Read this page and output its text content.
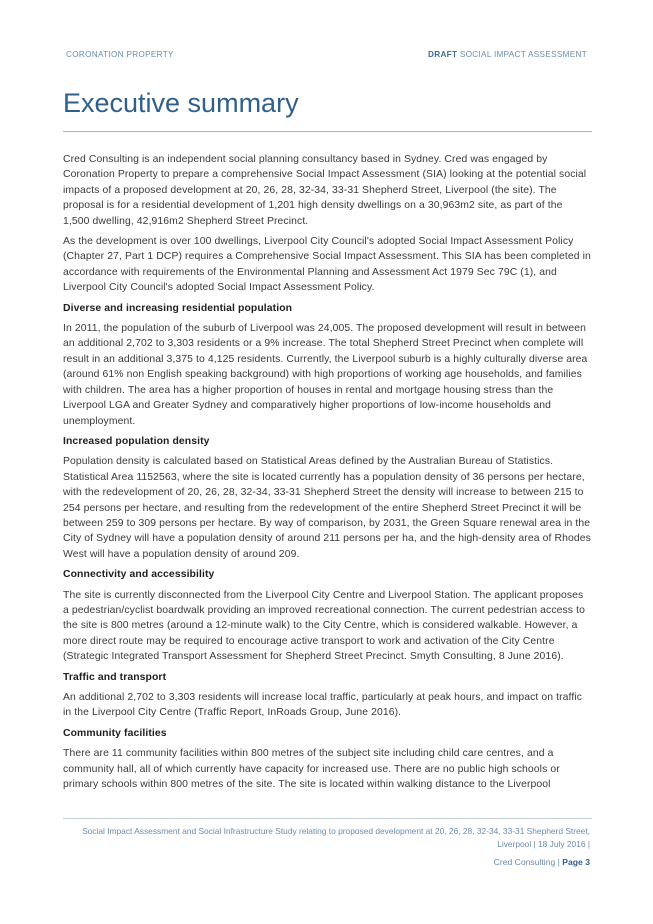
CORONATION PROPERTY	DRAFT SOCIAL IMPACT ASSESSMENT
Executive summary

Cred Consulting is an independent social planning consultancy based in Sydney. Cred was engaged by Coronation Property to prepare a comprehensive Social Impact Assessment (SIA) looking at the potential social impacts of a proposed development at 20, 26, 28, 32-34, 33-31 Shepherd Street, Liverpool (the site). The proposal is for a residential development of 1,201 high density dwellings on a 30,963m2 site, as part of the 1,500 dwelling, 42,916m2 Shepherd Street Precinct.

As the development is over 100 dwellings, Liverpool City Council's adopted Social Impact Assessment Policy (Chapter 27, Part 1 DCP) requires a Comprehensive Social Impact Assessment. This SIA has been completed in accordance with requirements of the Environmental Planning and Assessment Act 1979 Sec 79C (1), and Liverpool City Council's adopted Social Impact Assessment Policy.

Diverse and increasing residential population

In 2011, the population of the suburb of Liverpool was 24,005. The proposed development will result in between an additional 2,702 to 3,303 residents or a 9% increase. The total Shepherd Street Precinct when complete will result in an additional 3,375 to 4,125 residents. Currently, the Liverpool suburb is a highly culturally diverse area (around 61% non English speaking background) with high proportions of working age households, and families with children. The area has a higher proportion of houses in rental and mortgage housing stress than the Liverpool LGA and Greater Sydney and comparatively higher proportions of low-income households and unemployment.

Increased population density

Population density is calculated based on Statistical Areas defined by the Australian Bureau of Statistics. Statistical Area 1152563, where the site is located currently has a population density of 36 persons per hectare, with the redevelopment of 20, 26, 28, 32-34, 33-31 Shepherd Street the density will increase to between 215 to 254 persons per hectare, and resulting from the redevelopment of the entire Shepherd Street Precinct it will be between 259 to 309 persons per hectare. By way of comparison, by 2031, the Green Square renewal area in the City of Sydney will have a population density of around 211 persons per ha, and the high-density area of Rhodes West will have a population density of around 209.

Connectivity and accessibility

The site is currently disconnected from the Liverpool City Centre and Liverpool Station. The applicant proposes a pedestrian/cyclist boardwalk providing an improved recreational connection. The current pedestrian access to the site is 800 metres (around a 12-minute walk) to the City Centre, which is considered walkable. However, a more direct route may be required to encourage active transport to work and activation of the City Centre (Strategic Integrated Transport Assessment for Shepherd Street Precinct. Smyth Consulting, 8 June 2016).

Traffic and transport

An additional 2,702 to 3,303 residents will increase local traffic, particularly at peak hours, and impact on traffic in the Liverpool City Centre (Traffic Report, InRoads Group, June 2016).

Community facilities

There are 11 community facilities within 800 metres of the subject site including child care centres, and a community hall, all of which currently have capacity for increased use. There are no public high schools or primary schools within 800 metres of the site. The site is located within walking distance to the Liverpool

Social Impact Assessment and Social Infrastructure Study relating to proposed development at 20, 26, 28, 32-34, 33-31 Shepherd Street, Liverpool | 18 July 2016 |
Cred Consulting | Page 3
